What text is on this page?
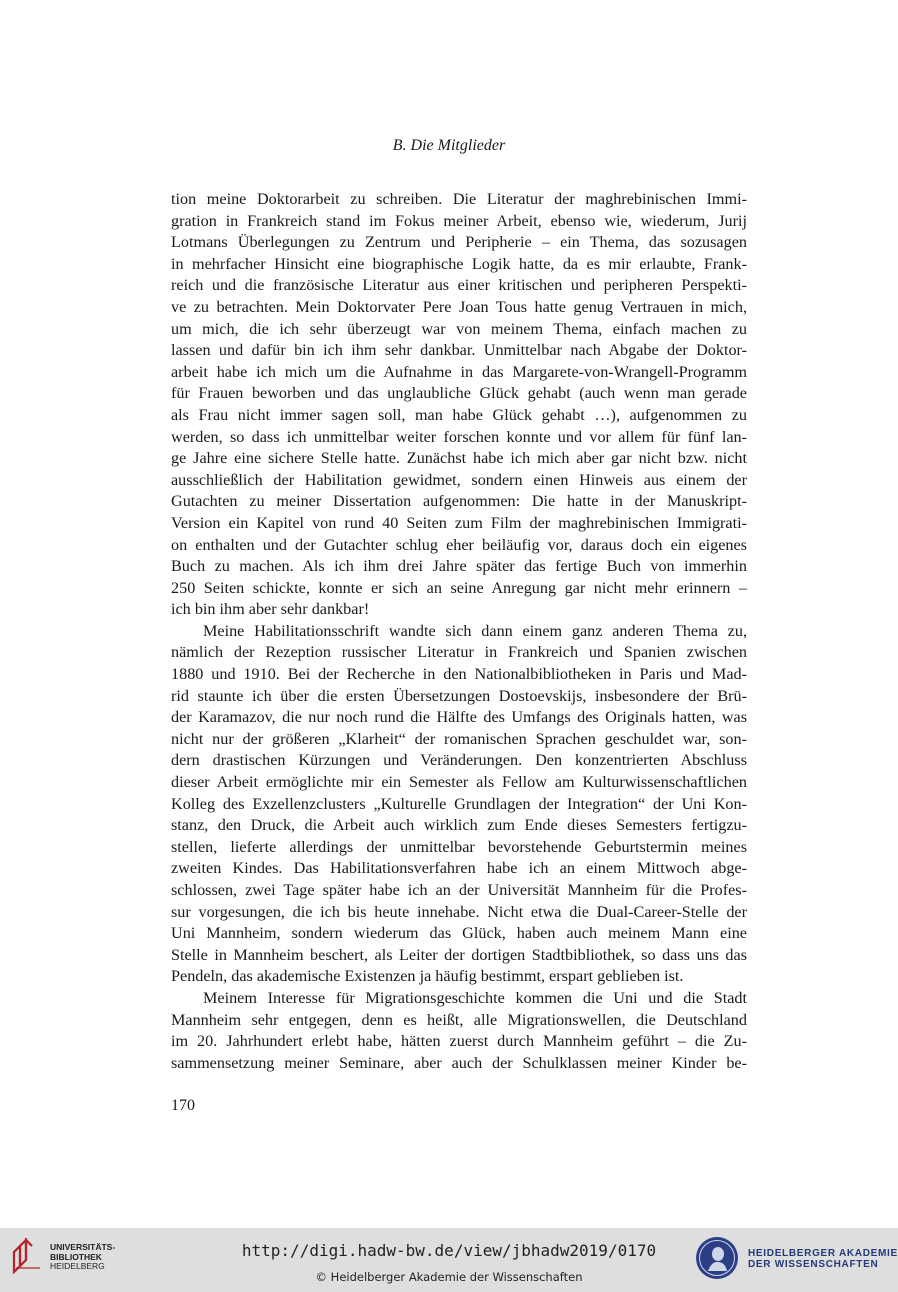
B. Die Mitglieder
tion meine Doktorarbeit zu schreiben. Die Literatur der maghrebinischen Immi-
gration in Frankreich stand im Fokus meiner Arbeit, ebenso wie, wiederum, Jurij
Lotmans Überlegungen zu Zentrum und Peripherie – ein Thema, das sozusagen
in mehrfacher Hinsicht eine biographische Logik hatte, da es mir erlaubte, Frank-
reich und die französische Literatur aus einer kritischen und peripheren Perspekti-
ve zu betrachten. Mein Doktorvater Pere Joan Tous hatte genug Vertrauen in mich,
um mich, die ich sehr überzeugt war von meinem Thema, einfach machen zu
lassen und dafür bin ich ihm sehr dankbar. Unmittelbar nach Abgabe der Doktor-
arbeit habe ich mich um die Aufnahme in das Margarete-von-Wrangell-Programm
für Frauen beworben und das unglaubliche Glück gehabt (auch wenn man gerade
als Frau nicht immer sagen soll, man habe Glück gehabt …), aufgenommen zu
werden, so dass ich unmittelbar weiter forschen konnte und vor allem für fünf lan-
ge Jahre eine sichere Stelle hatte. Zunächst habe ich mich aber gar nicht bzw. nicht
ausschließlich der Habilitation gewidmet, sondern einen Hinweis aus einem der
Gutachten zu meiner Dissertation aufgenommen: Die hatte in der Manuskript-
Version ein Kapitel von rund 40 Seiten zum Film der maghrebinischen Immigrati-
on enthalten und der Gutachter schlug eher beiläufig vor, daraus doch ein eigenes
Buch zu machen. Als ich ihm drei Jahre später das fertige Buch von immerhin
250 Seiten schickte, konnte er sich an seine Anregung gar nicht mehr erinnern –
ich bin ihm aber sehr dankbar!
Meine Habilitationsschrift wandte sich dann einem ganz anderen Thema zu,
nämlich der Rezeption russischer Literatur in Frankreich und Spanien zwischen
1880 und 1910. Bei der Recherche in den Nationalbibliotheken in Paris und Mad-
rid staunte ich über die ersten Übersetzungen Dostoevskijs, insbesondere der Brü-
der Karamazov, die nur noch rund die Hälfte des Umfangs des Originals hatten, was
nicht nur der größeren „Klarheit“ der romanischen Sprachen geschuldet war, son-
dern drastischen Kürzungen und Veränderungen. Den konzentrierten Abschluss
dieser Arbeit ermöglichte mir ein Semester als Fellow am Kulturwissenschaftlichen
Kolleg des Exzellenzclusters „Kulturelle Grundlagen der Integration“ der Uni Kon-
stanz, den Druck, die Arbeit auch wirklich zum Ende dieses Semesters fertigzu-
stellen, lieferte allerdings der unmittelbar bevorstehende Geburtstermin meines
zweiten Kindes. Das Habilitationsverfahren habe ich an einem Mittwoch abge-
schlossen, zwei Tage später habe ich an der Universität Mannheim für die Profes-
sur vorgesungen, die ich bis heute innehabe. Nicht etwa die Dual-Career-Stelle der
Uni Mannheim, sondern wiederum das Glück, haben auch meinem Mann eine
Stelle in Mannheim beschert, als Leiter der dortigen Stadtbibliothek, so dass uns das
Pendeln, das akademische Existenzen ja häufig bestimmt, erspart geblieben ist.
Meinem Interesse für Migrationsgeschichte kommen die Uni und die Stadt
Mannheim sehr entgegen, denn es heißt, alle Migrationswellen, die Deutschland
im 20. Jahrhundert erlebt habe, hätten zuerst durch Mannheim geführt – die Zu-
sammensetzung meiner Seminare, aber auch der Schulklassen meiner Kinder be-
170
UNIVERSITÄTS-
BIBLIOTHEK
HEIDELBERG
http://digi.hadw-bw.de/view/jbhadw2019/0170
© Heidelberger Akademie der Wissenschaften
HEIDELBERGER AKADEMIE
DER WISSENSCHAFTEN
